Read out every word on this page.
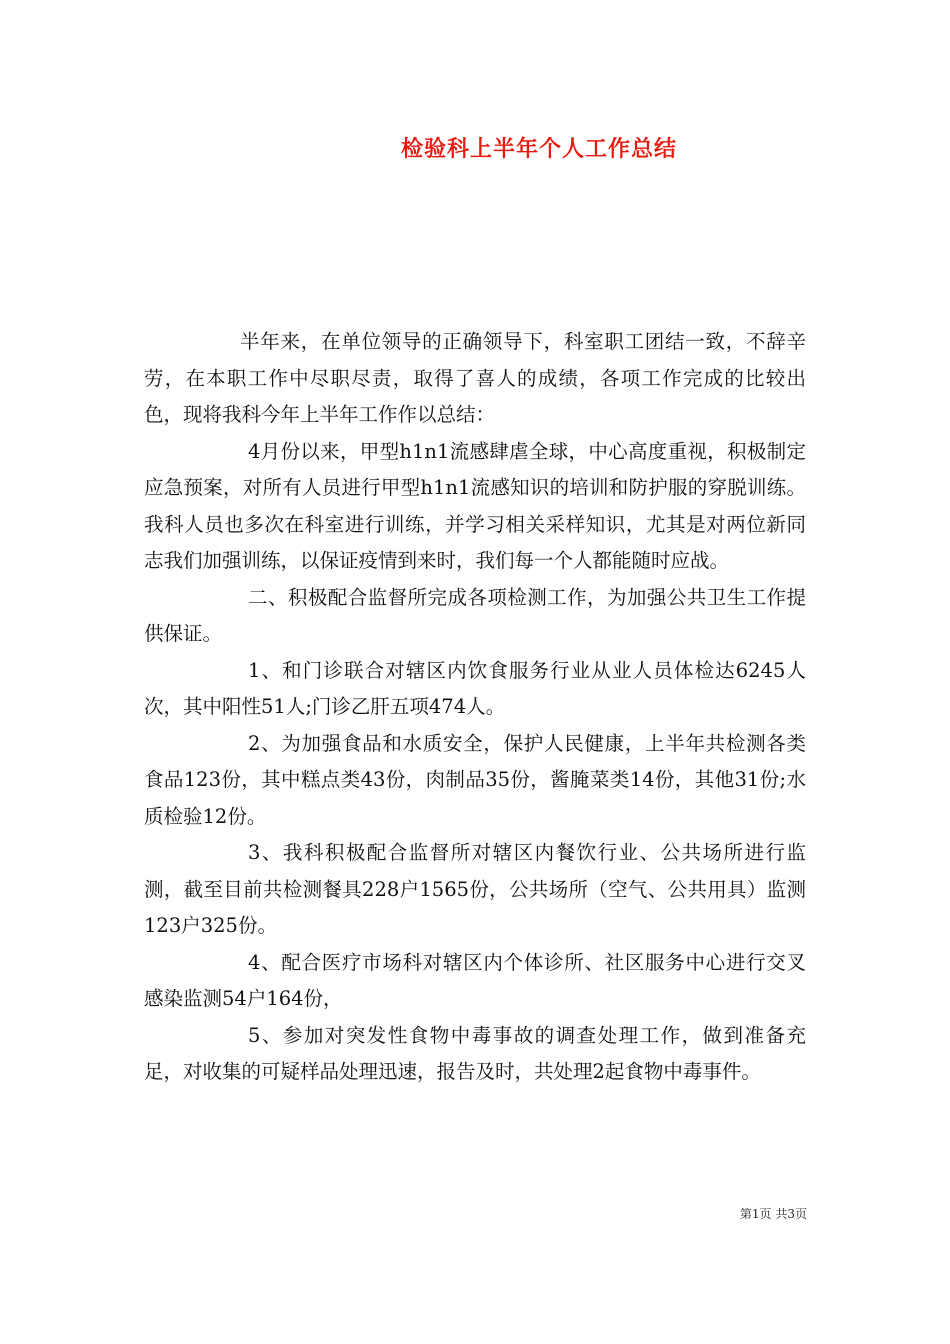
检验科上半年个人工作总结

半年来，在单位领导的正确领导下，科室职工团结一致，不辞辛劳，在本职工作中尽职尽责，取得了喜人的成绩，各项工作完成的比较出色，现将我科今年上半年工作作以总结：

4月份以来，甲型h1n1流感肆虐全球，中心高度重视，积极制定应急预案，对所有人员进行甲型h1n1流感知识的培训和防护服的穿脱训练。我科人员也多次在科室进行训练，并学习相关采样知识，尤其是对两位新同志我们加强训练，以保证疫情到来时，我们每一个人都能随时应战。

二、积极配合监督所完成各项检测工作，为加强公共卫生工作提供保证。

1、和门诊联合对辖区内饮食服务行业从业人员体检达6245人次，其中阳性51人;门诊乙肝五项474人。

2、为加强食品和水质安全，保护人民健康，上半年共检测各类食品123份，其中糕点类43份，肉制品35份，酱腌菜类14份，其他31份;水质检验12份。

3、我科积极配合监督所对辖区内餐饮行业、公共场所进行监测，截至目前共检测餐具228户1565份，公共场所（空气、公共用具）监测123户325份。

4、配合医疗市场科对辖区内个体诊所、社区服务中心进行交叉感染监测54户164份，

5、参加对突发性食物中毒事故的调查处理工作，做到准备充足，对收集的可疑样品处理迅速，报告及时，共处理2起食物中毒事件。

第1页 共3页
